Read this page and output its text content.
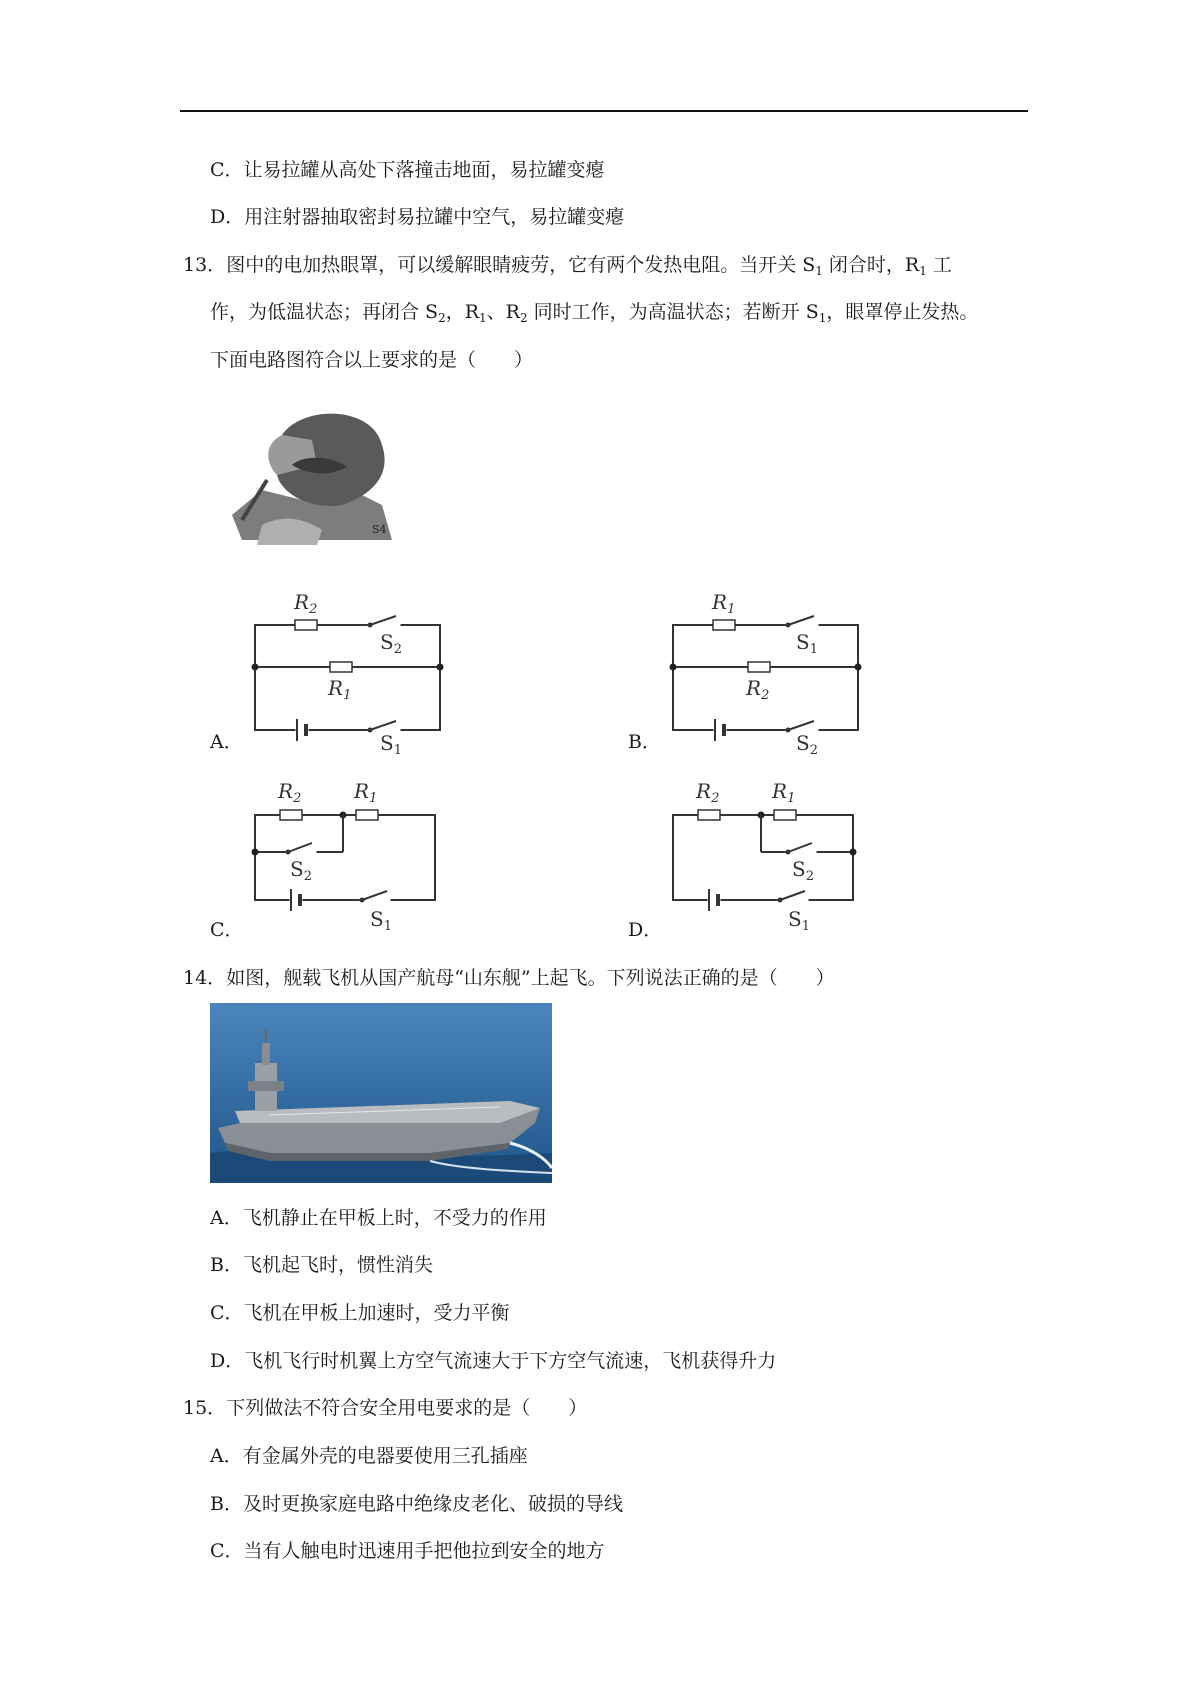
C．让易拉罐从高处下落撞击地面，易拉罐变瘪
D．用注射器抽取密封易拉罐中空气，易拉罐变瘪
13．图中的电加热眼罩，可以缓解眼睛疲劳，它有两个发热电阻。当开关 $S_1$ 闭合时，$R_1$ 工
作，为低温状态；再闭合 $S_2$，$R_1$、$R_2$ 同时工作，为高温状态；若断开 $S_1$，眼罩停止发热。
下面电路图符合以上要求的是（　　）
S4
$R_2$
$R_1$
$S_2$
$S_1$
A．
$R_1$
$R_2$
$S_1$
$S_2$
B．
$R_2$	$R_1$
$S_2$
$S_1$
C．
$R_2$	$R_1$
$S_2$
$S_1$
D．
14．如图，舰载飞机从国产航母“山东舰”上起飞。下列说法正确的是（　　）
A．飞机静止在甲板上时，不受力的作用
B．飞机起飞时，惯性消失
C．飞机在甲板上加速时，受力平衡
D．飞机飞行时机翼上方空气流速大于下方空气流速，飞机获得升力
15．下列做法不符合安全用电要求的是（　　）
A．有金属外壳的电器要使用三孔插座
B．及时更换家庭电路中绝缘皮老化、破损的导线
C．当有人触电时迅速用手把他拉到安全的地方
